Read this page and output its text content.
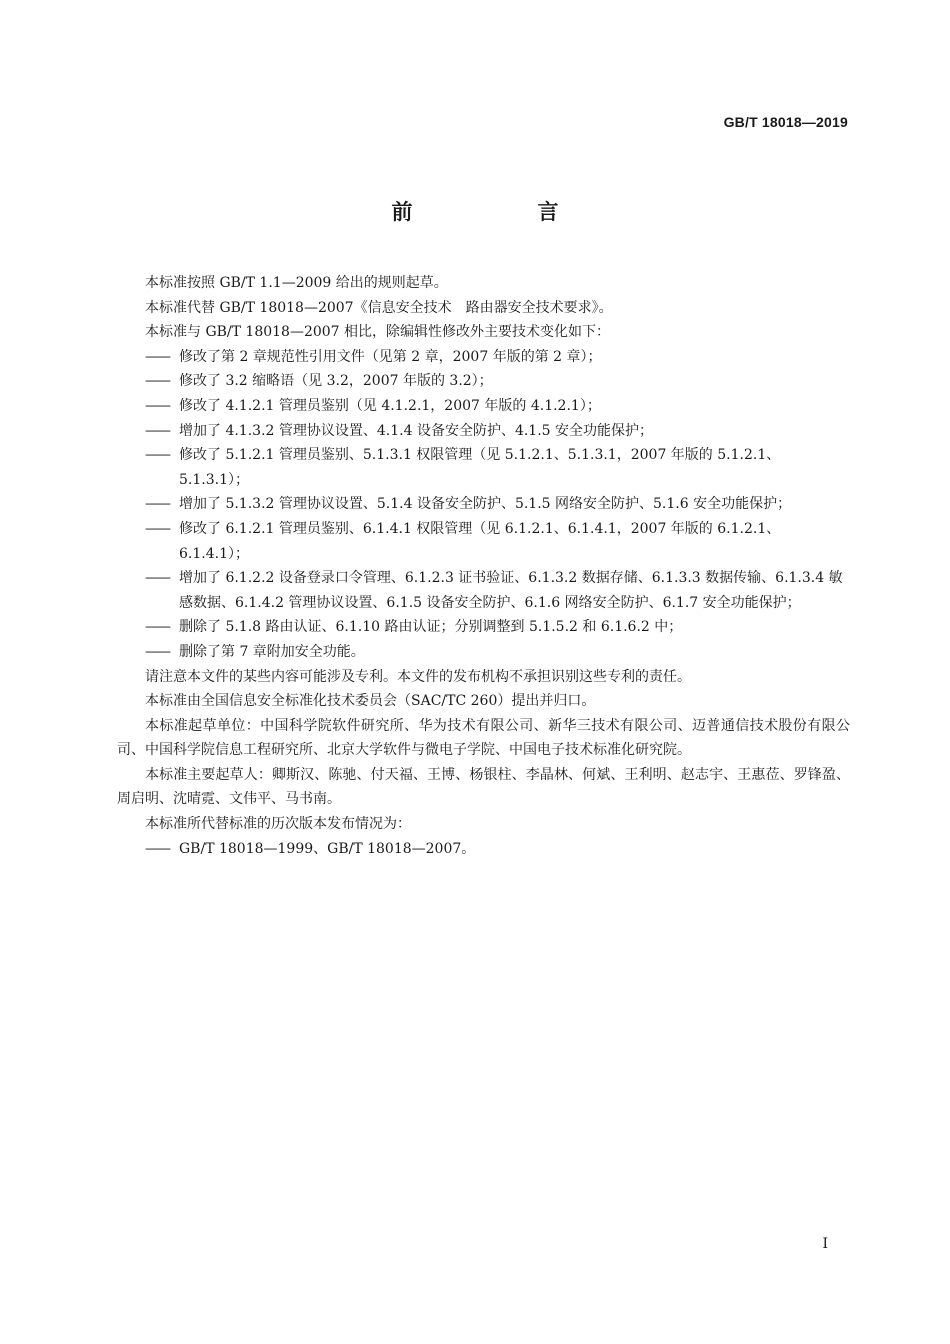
GB/T 18018—2019
前　言

本标准按照 GB/T 1.1—2009 给出的规则起草。

本标准代替 GB/T 18018—2007《信息安全技术　路由器安全技术要求》。

本标准与 GB/T 18018—2007 相比，除编辑性修改外主要技术变化如下：

—— 修改了第 2 章规范性引用文件（见第 2 章，2007 年版的第 2 章）；

—— 修改了 3.2 缩略语（见 3.2，2007 年版的 3.2）；

—— 修改了 4.1.2.1 管理员鉴别（见 4.1.2.1，2007 年版的 4.1.2.1）；

—— 增加了 4.1.3.2 管理协议设置、4.1.4 设备安全防护、4.1.5 安全功能保护；

—— 修改了 5.1.2.1 管理员鉴别、5.1.3.1 权限管理（见 5.1.2.1、5.1.3.1，2007 年版的 5.1.2.1、5.1.3.1）；

—— 增加了 5.1.3.2 管理协议设置、5.1.4 设备安全防护、5.1.5 网络安全防护、5.1.6 安全功能保护；

—— 修改了 6.1.2.1 管理员鉴别、6.1.4.1 权限管理（见 6.1.2.1、6.1.4.1，2007 年版的 6.1.2.1、6.1.4.1）；

—— 增加了 6.1.2.2 设备登录口令管理、6.1.2.3 证书验证、6.1.3.2 数据存储、6.1.3.3 数据传输、6.1.3.4 敏感数据、6.1.4.2 管理协议设置、6.1.5 设备安全防护、6.1.6 网络安全防护、6.1.7 安全功能保护；

—— 删除了 5.1.8 路由认证、6.1.10 路由认证；分别调整到 5.1.5.2 和 6.1.6.2 中；

—— 删除了第 7 章附加安全功能。

请注意本文件的某些内容可能涉及专利。本文件的发布机构不承担识别这些专利的责任。

本标准由全国信息安全标准化技术委员会（SAC/TC 260）提出并归口。

本标准起草单位：中国科学院软件研究所、华为技术有限公司、新华三技术有限公司、迈普通信技术股份有限公司、中国科学院信息工程研究所、北京大学软件与微电子学院、中国电子技术标准化研究院。

本标准主要起草人：卿斯汉、陈驰、付天福、王博、杨银柱、李晶林、何斌、王利明、赵志宇、王惠莅、罗锋盈、周启明、沈晴霓、文伟平、马书南。

本标准所代替标准的历次版本发布情况为：

—— GB/T 18018—1999、GB/T 18018—2007。

I
